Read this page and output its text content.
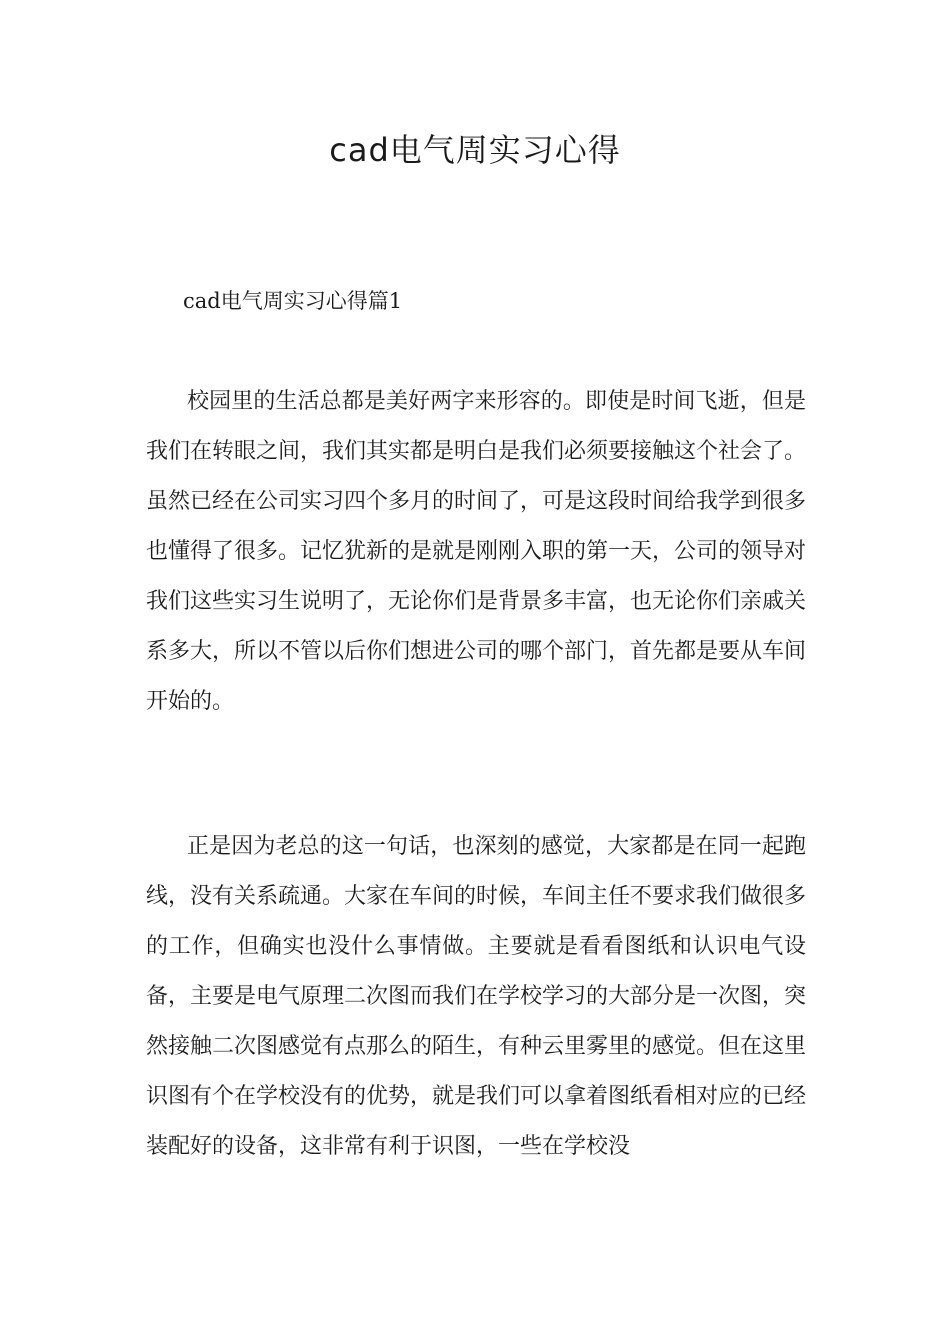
cad电气周实习心得
cad电气周实习心得篇1

校园里的生活总都是美好两字来形容的。即使是时间飞逝，但是我们在转眼之间，我们其实都是明白是我们必须要接触这个社会了。虽然已经在公司实习四个多月的时间了，可是这段时间给我学到很多也懂得了很多。记忆犹新的是就是刚刚入职的第一天，公司的领导对我们这些实习生说明了，无论你们是背景多丰富，也无论你们亲戚关系多大，所以不管以后你们想进公司的哪个部门，首先都是要从车间开始的。

正是因为老总的这一句话，也深刻的感觉，大家都是在同一起跑线，没有关系疏通。大家在车间的时候，车间主任不要求我们做很多的工作，但确实也没什么事情做。主要就是看看图纸和认识电气设备，主要是电气原理二次图而我们在学校学习的大部分是一次图，突然接触二次图感觉有点那么的陌生，有种云里雾里的感觉。但在这里识图有个在学校没有的优势，就是我们可以拿着图纸看相对应的已经装配好的设备，这非常有利于识图，一些在学校没
